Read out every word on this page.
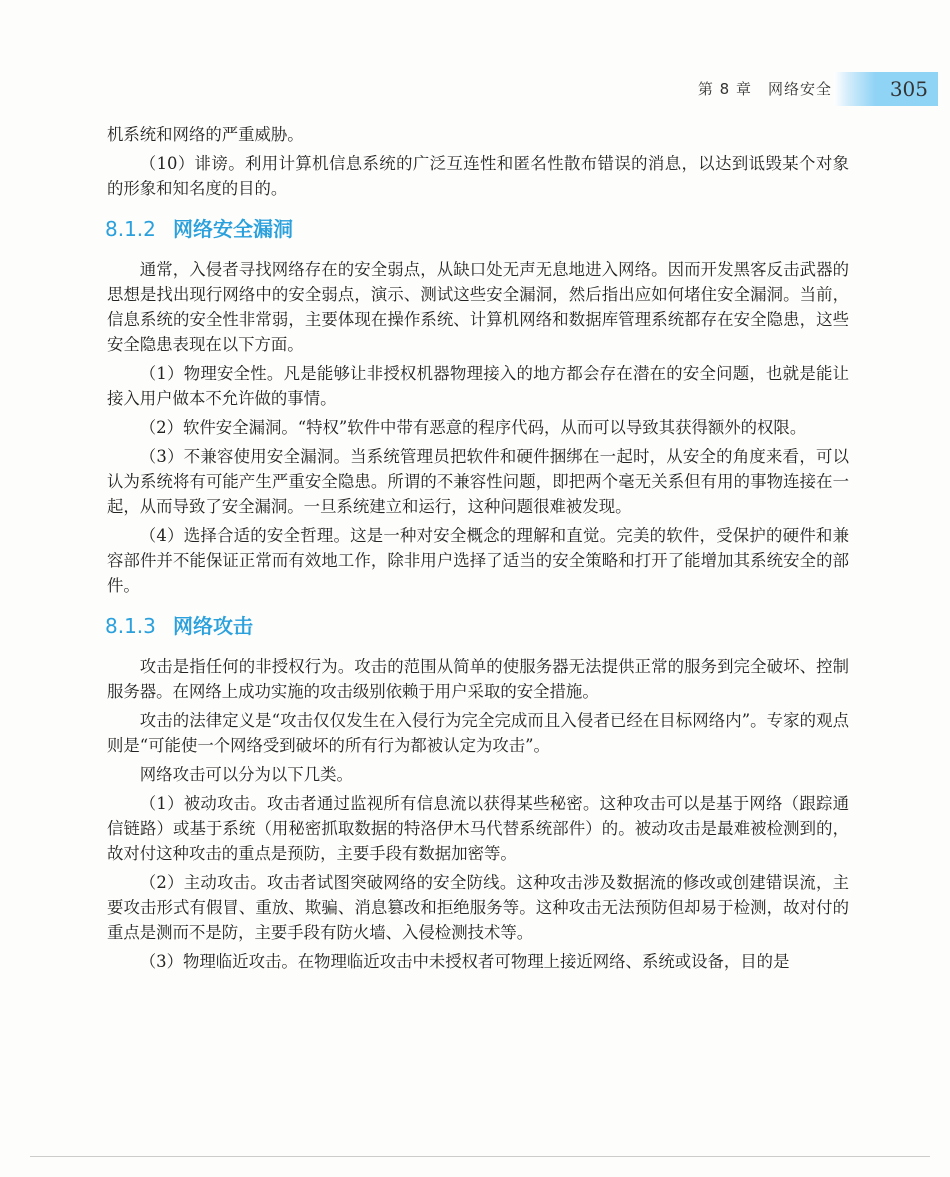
第 8 章 网络安全	305

机系统和网络的严重威胁。

（10）诽谤。利用计算机信息系统的广泛互连性和匿名性散布错误的消息，以达到诋毁某个对象的形象和知名度的目的。

8.1.2 网络安全漏洞

通常，入侵者寻找网络存在的安全弱点，从缺口处无声无息地进入网络。因而开发黑客反击武器的思想是找出现行网络中的安全弱点，演示、测试这些安全漏洞，然后指出应如何堵住安全漏洞。当前，信息系统的安全性非常弱，主要体现在操作系统、计算机网络和数据库管理系统都存在安全隐患，这些安全隐患表现在以下方面。

（1）物理安全性。凡是能够让非授权机器物理接入的地方都会存在潜在的安全问题，也就是能让接入用户做本不允许做的事情。

（2）软件安全漏洞。“特权”软件中带有恶意的程序代码，从而可以导致其获得额外的权限。

（3）不兼容使用安全漏洞。当系统管理员把软件和硬件捆绑在一起时，从安全的角度来看，可以认为系统将有可能产生严重安全隐患。所谓的不兼容性问题，即把两个毫无关系但有用的事物连接在一起，从而导致了安全漏洞。一旦系统建立和运行，这种问题很难被发现。

（4）选择合适的安全哲理。这是一种对安全概念的理解和直觉。完美的软件，受保护的硬件和兼容部件并不能保证正常而有效地工作，除非用户选择了适当的安全策略和打开了能增加其系统安全的部件。

8.1.3 网络攻击

攻击是指任何的非授权行为。攻击的范围从简单的使服务器无法提供正常的服务到完全破坏、控制服务器。在网络上成功实施的攻击级别依赖于用户采取的安全措施。

攻击的法律定义是“攻击仅仅发生在入侵行为完全完成而且入侵者已经在目标网络内”。专家的观点则是“可能使一个网络受到破坏的所有行为都被认定为攻击”。

网络攻击可以分为以下几类。

（1）被动攻击。攻击者通过监视所有信息流以获得某些秘密。这种攻击可以是基于网络（跟踪通信链路）或基于系统（用秘密抓取数据的特洛伊木马代替系统部件）的。被动攻击是最难被检测到的，故对付这种攻击的重点是预防，主要手段有数据加密等。

（2）主动攻击。攻击者试图突破网络的安全防线。这种攻击涉及数据流的修改或创建错误流，主要攻击形式有假冒、重放、欺骗、消息篡改和拒绝服务等。这种攻击无法预防但却易于检测，故对付的重点是测而不是防，主要手段有防火墙、入侵检测技术等。

（3）物理临近攻击。在物理临近攻击中未授权者可物理上接近网络、系统或设备，目的是
